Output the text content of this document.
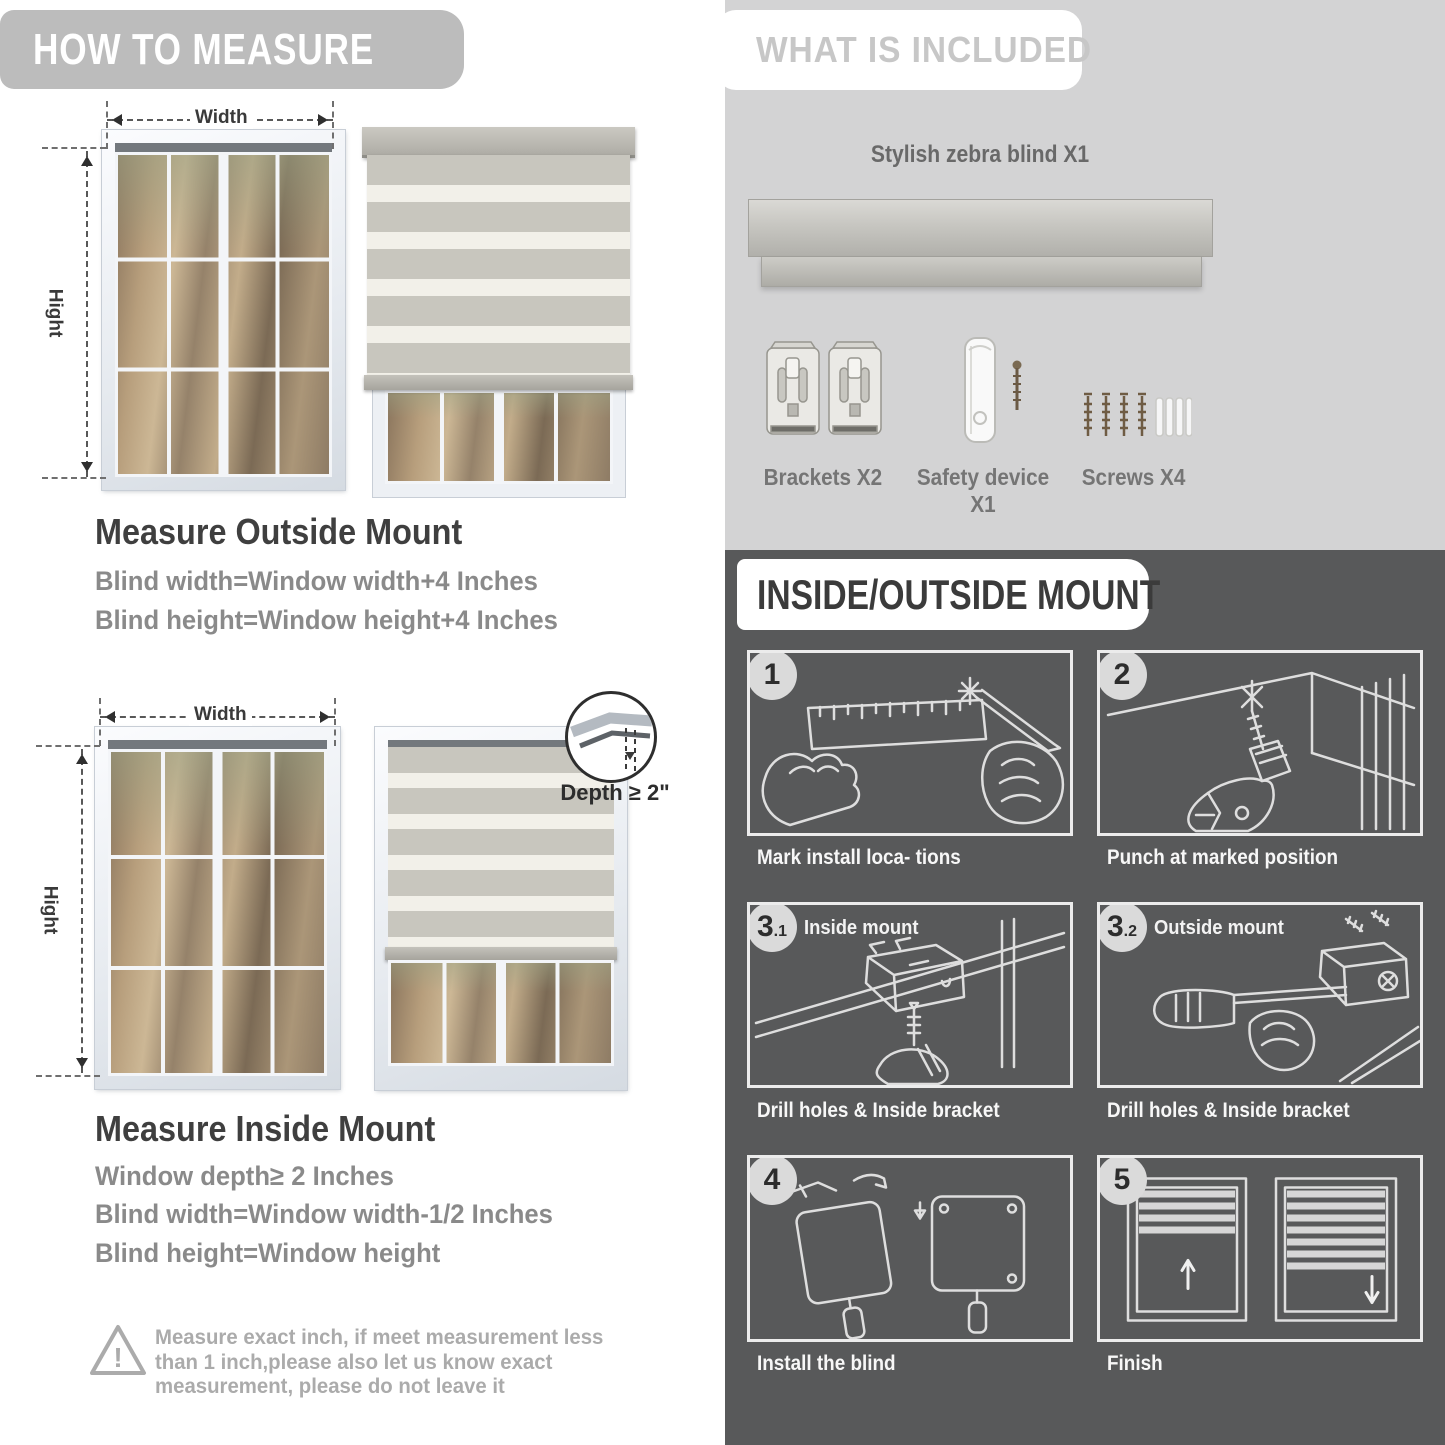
HOW TO MEASURE
Width
Hight
Measure Outside Mount
Blind width=Window width+4 Inches
Blind height=Window height+4 Inches
Width
Hight
Depth ≥ 2"
Measure Inside Mount
Window depth≥ 2 Inches
Blind width=Window width-1/2 Inches
Blind height=Window height
!
Measure exact inch, if meet measurement less
than 1 inch,please also let us know exact
measurement, please do not leave it
WHAT IS INCLUDED
Stylish zebra blind X1
Brackets X2	Safety device X1
Screws X4
INSIDE/OUTSIDE MOUNT
1
Mark install loca- tions
2
Punch at marked position
3 .1 Inside mount
Drill holes & Inside bracket
3 .2 Outside mount
Drill holes & Inside bracket
4
Install the blind
5
Finish
